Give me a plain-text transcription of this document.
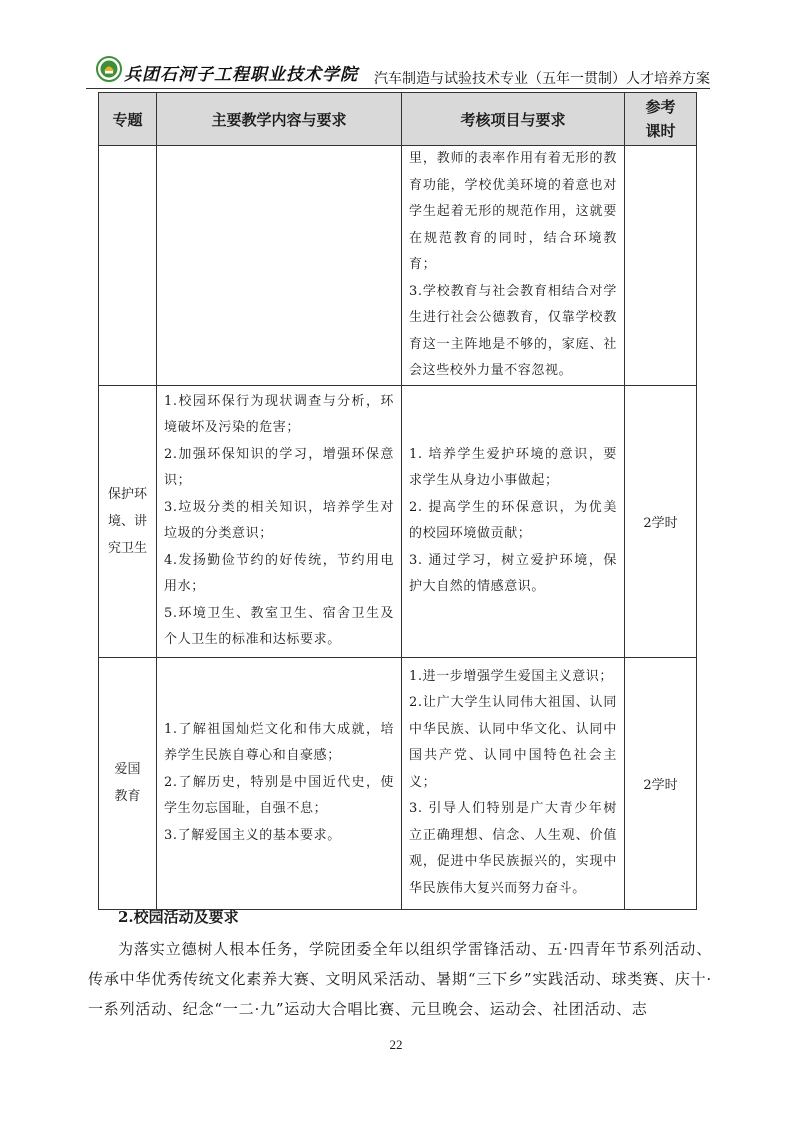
兵团石河子工程职业技术学院 汽车制造与试验技术专业（五年一贯制）人才培养方案
专题	主要教学内容与要求	考核项目与要求	参考
课时
		里，教师的表率作用有着无形的教育功能，学校优美环境的着意也对学生起着无形的规范作用，这就要在规范教育的同时，结合环境教育；
3.学校教育与社会教育相结合对学生进行社会公德教育，仅靠学校教育这一主阵地是不够的，家庭、社会这些校外力量不容忽视。	
保护环
境、讲
究卫生	1.校园环保行为现状调查与分析，环境破坏及污染的危害；
2.加强环保知识的学习，增强环保意识；
3.垃圾分类的相关知识，培养学生对垃圾的分类意识；
4.发扬勤俭节约的好传统，节约用电用水；
5.环境卫生、教室卫生、宿舍卫生及个人卫生的标准和达标要求。	1. 培养学生爱护环境的意识，要求学生从身边小事做起；
2. 提高学生的环保意识，为优美的校园环境做贡献；
3. 通过学习，树立爱护环境，保护大自然的情感意识。	2学时
爱国
教育	1.了解祖国灿烂文化和伟大成就，培养学生民族自尊心和自豪感；
2.了解历史，特别是中国近代史，使学生勿忘国耻，自强不息；
3.了解爱国主义的基本要求。	1.进一步增强学生爱国主义意识；
2.让广大学生认同伟大祖国、认同中华民族、认同中华文化、认同中国共产党、认同中国特色社会主义；
3. 引导人们特别是广大青少年树立正确理想、信念、人生观、价值观，促进中华民族振兴的，实现中华民族伟大复兴而努力奋斗。	2学时
2.校园活动及要求
为落实立德树人根本任务，学院团委全年以组织学雷锋活动、五·四青年节系列活动、传承中华优秀传统文化素养大赛、文明风采活动、暑期“三下乡”实践活动、球类赛、庆十·一系列活动、纪念“一二·九”运动大合唱比赛、元旦晚会、运动会、社团活动、志
22
